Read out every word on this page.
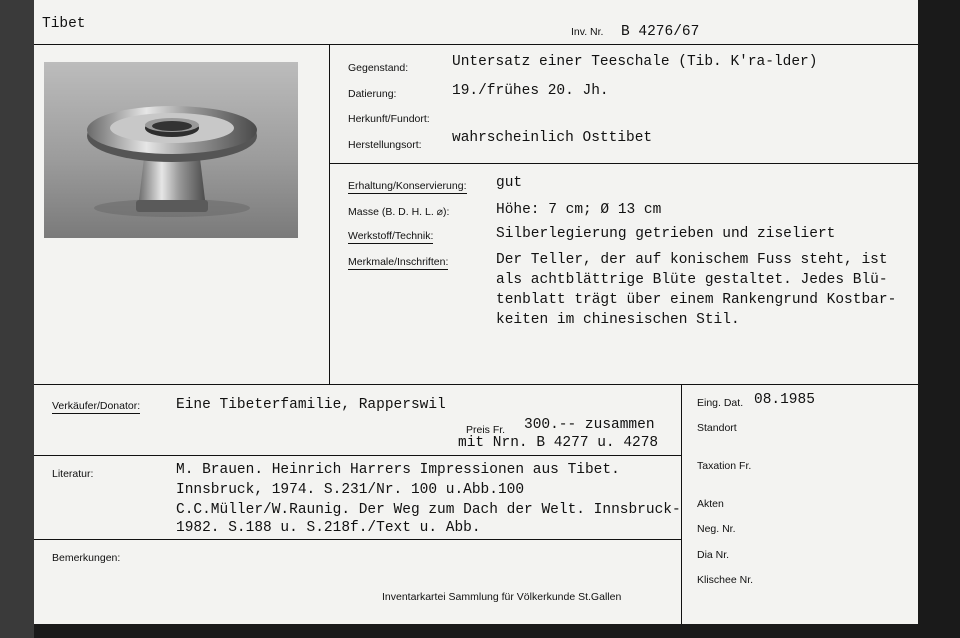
Tibet	Inv. Nr. B 4276/67
Gegenstand:	Untersatz einer Teeschale (Tib. K'ra-lder)
Datierung:	19./frühes 20. Jh.
Herkunft/Fundort:
Herstellungsort: wahrscheinlich Osttibet
Erhaltung/Konservierung: gut
Masse (B. D. H. L. ⌀):	Höhe: 7 cm; Ø 13 cm
Werkstoff/Technik:	Silberlegierung getrieben und ziseliert
Merkmale/Inschriften:	Der Teller, der auf konischem Fuss steht, ist
als achtblättrige Blüte gestaltet. Jedes Blü-
tenblatt trägt über einem Rankengrund Kostbar-
keiten im chinesischen Stil.
Verkäufer/Donator: Eine Tibeterfamilie, Rapperswil
Preis Fr. 300.-- zusammen
mit Nrn. B 4277 u. 4278
Literatur:	M. Brauen. Heinrich Harrers Impressionen aus Tibet.
Innsbruck, 1974. S.231/Nr. 100 u.Abb.100
C.C.Müller/W.Raunig. Der Weg zum Dach der Welt. Innsbruck-
1982. S.188 u. S.218f./Text u. Abb.
Bemerkungen:
Inventarkartei Sammlung für Völkerkunde St.Gallen
Eing. Dat. 08.1985
Standort
Taxation Fr.
Akten
Neg. Nr.
Dia Nr.
Klischee Nr.
